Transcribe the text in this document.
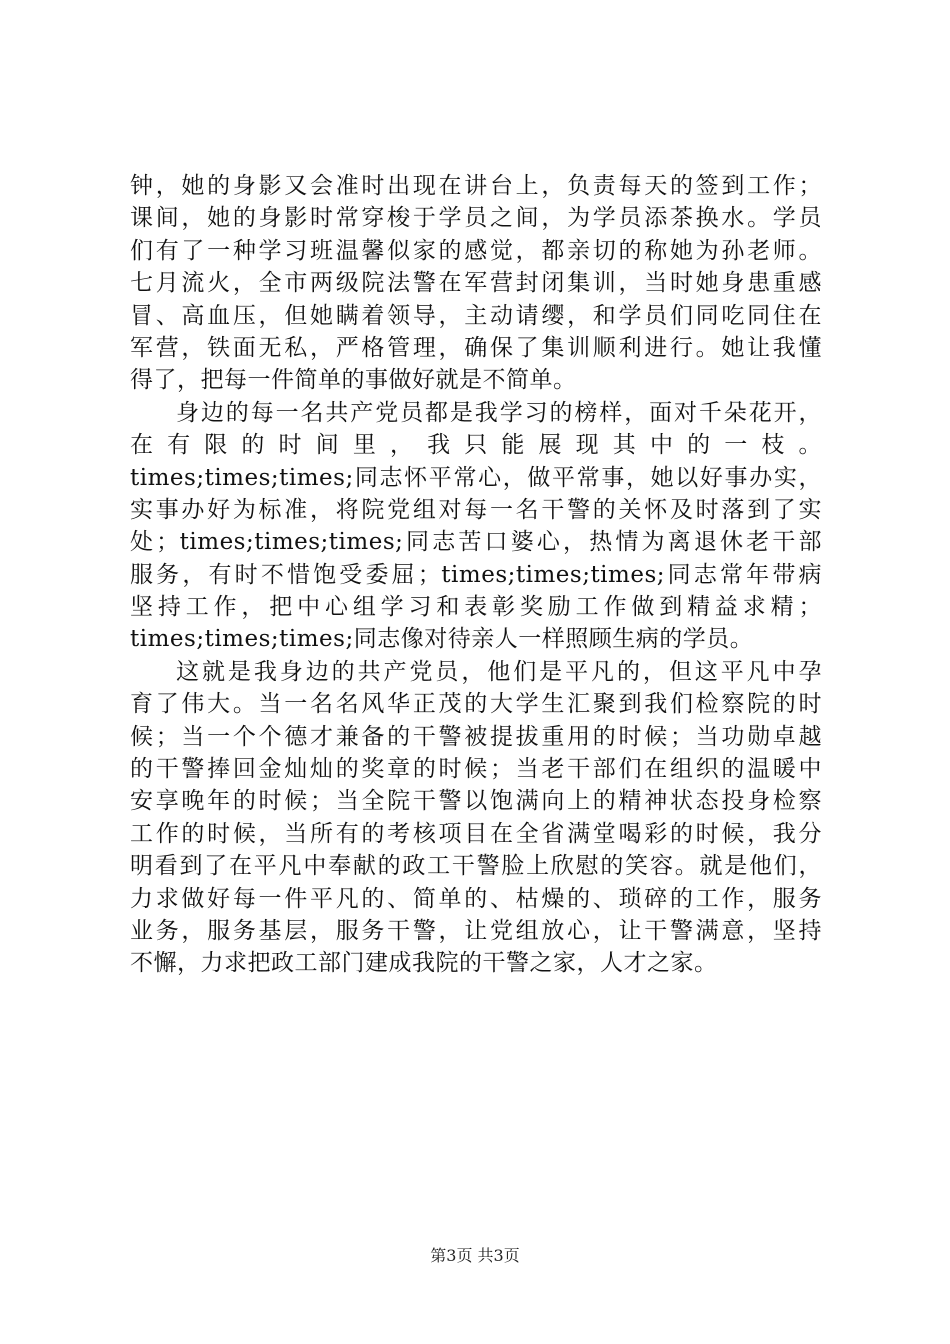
钟，她的身影又会准时出现在讲台上，负责每天的签到工作；
课间，她的身影时常穿梭于学员之间，为学员添茶换水。学员
们有了一种学习班温馨似家的感觉，都亲切的称她为孙老师。
七月流火，全市两级院法警在军营封闭集训，当时她身患重感
冒、高血压，但她瞒着领导，主动请缨，和学员们同吃同住在
军营，铁面无私，严格管理，确保了集训顺利进行。她让我懂
得了，把每一件简单的事做好就是不简单。
身边的每一名共产党员都是我学习的榜样，面对千朵花开，
在有限的时间里，我只能展现其中的一枝。
times;times;times;同志怀平常心，做平常事，她以好事办实，
实事办好为标准，将院党组对每一名干警的关怀及时落到了实
处；times;times;times;同志苦口婆心，热情为离退休老干部
服务，有时不惜饱受委屈；times;times;times;同志常年带病
坚持工作，把中心组学习和表彰奖励工作做到精益求精；
times;times;times;同志像对待亲人一样照顾生病的学员。
这就是我身边的共产党员，他们是平凡的，但这平凡中孕
育了伟大。当一名名风华正茂的大学生汇聚到我们检察院的时
候；当一个个德才兼备的干警被提拔重用的时候；当功勋卓越
的干警捧回金灿灿的奖章的时候；当老干部们在组织的温暖中
安享晚年的时候；当全院干警以饱满向上的精神状态投身检察
工作的时候，当所有的考核项目在全省满堂喝彩的时候，我分
明看到了在平凡中奉献的政工干警脸上欣慰的笑容。就是他们，
力求做好每一件平凡的、简单的、枯燥的、琐碎的工作，服务
业务，服务基层，服务干警，让党组放心，让干警满意，坚持
不懈，力求把政工部门建成我院的干警之家，人才之家。
第3页 共3页
